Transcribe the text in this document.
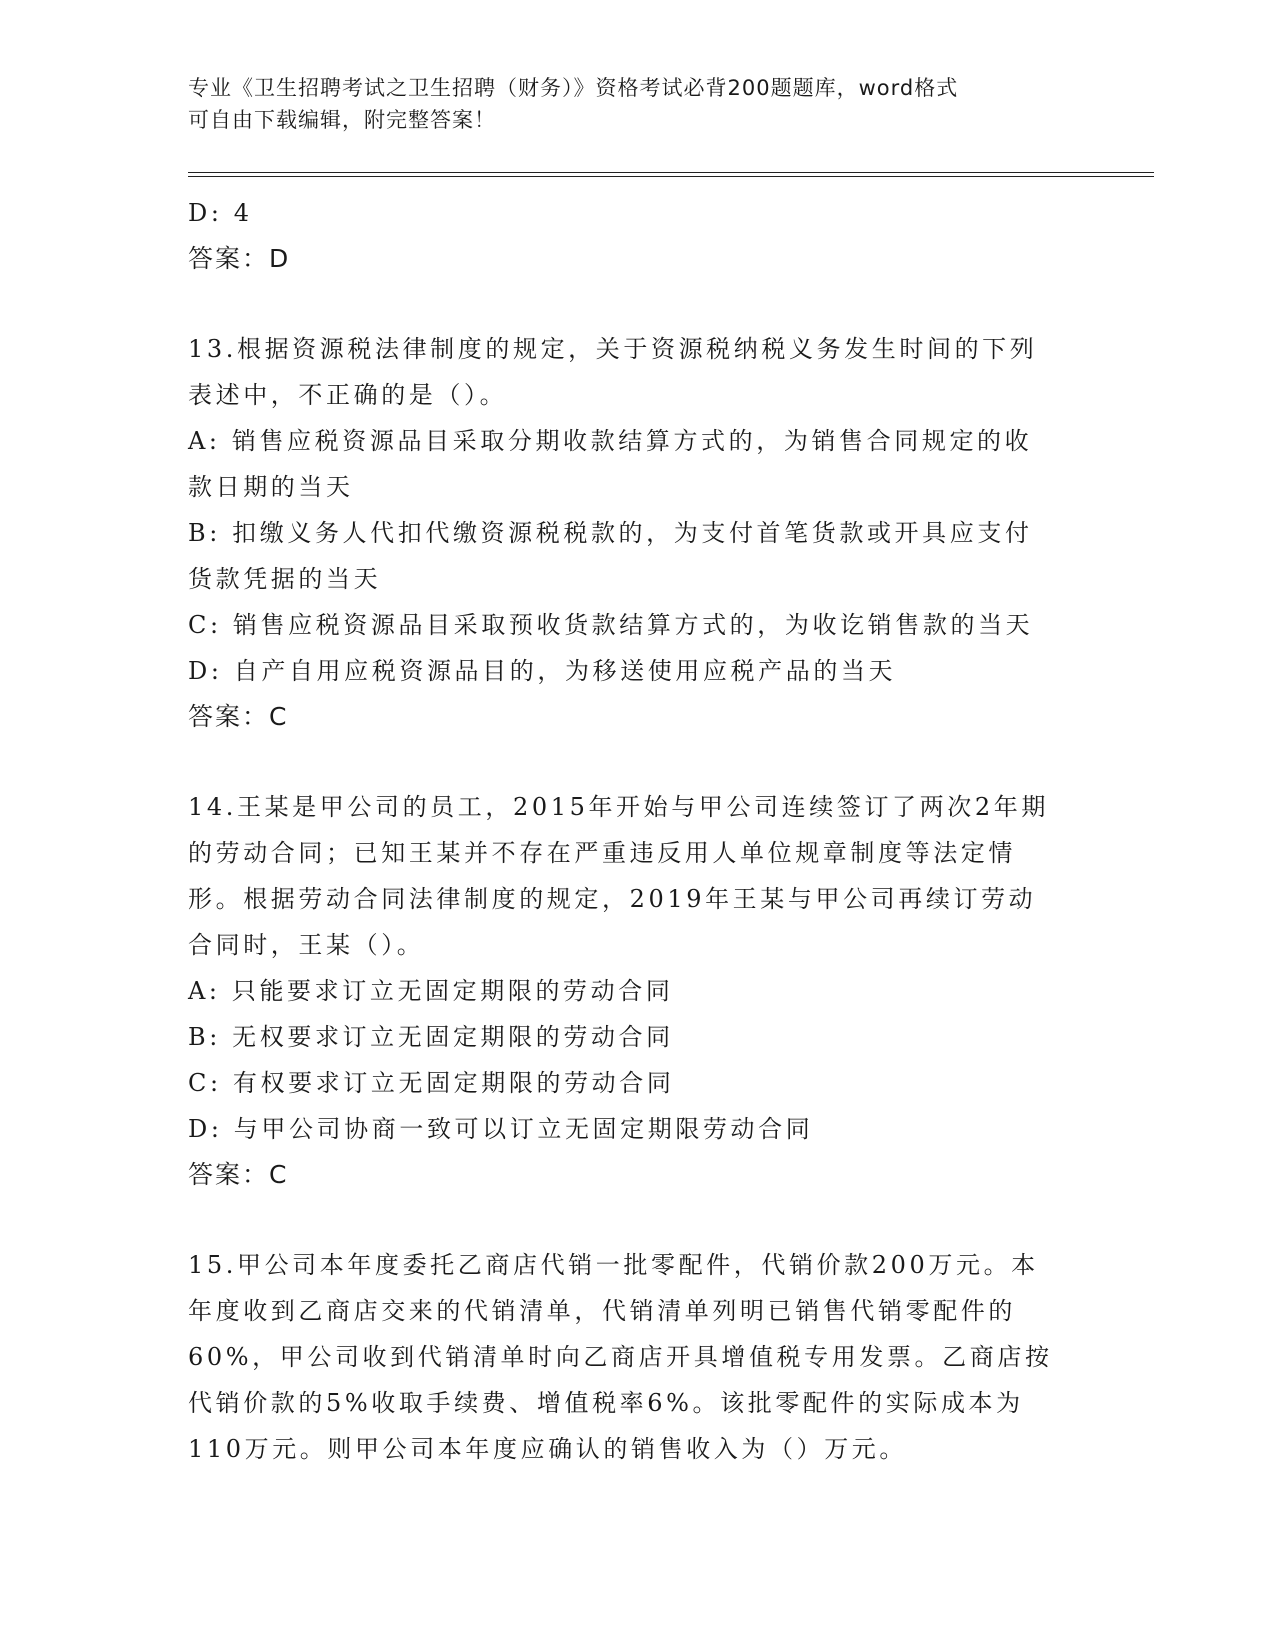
专业《卫生招聘考试之卫生招聘（财务）》资格考试必背200题题库，word格式
可自由下载编辑，附完整答案！
D: 4
答案：D
13.根据资源税法律制度的规定，关于资源税纳税义务发生时间的下列
表述中，不正确的是（）。
A: 销售应税资源品目采取分期收款结算方式的，为销售合同规定的收
款日期的当天
B: 扣缴义务人代扣代缴资源税税款的，为支付首笔货款或开具应支付
货款凭据的当天
C: 销售应税资源品目采取预收货款结算方式的，为收讫销售款的当天
D: 自产自用应税资源品目的，为移送使用应税产品的当天
答案：C
14.王某是甲公司的员工，2015年开始与甲公司连续签订了两次2年期
的劳动合同；已知王某并不存在严重违反用人单位规章制度等法定情
形。根据劳动合同法律制度的规定，2019年王某与甲公司再续订劳动
合同时，王某（）。
A: 只能要求订立无固定期限的劳动合同
B: 无权要求订立无固定期限的劳动合同
C: 有权要求订立无固定期限的劳动合同
D: 与甲公司协商一致可以订立无固定期限劳动合同
答案：C
15.甲公司本年度委托乙商店代销一批零配件，代销价款200万元。本
年度收到乙商店交来的代销清单，代销清单列明已销售代销零配件的
60%，甲公司收到代销清单时向乙商店开具增值税专用发票。乙商店按
代销价款的5%收取手续费、增值税率6%。该批零配件的实际成本为
110万元。则甲公司本年度应确认的销售收入为（）万元。
